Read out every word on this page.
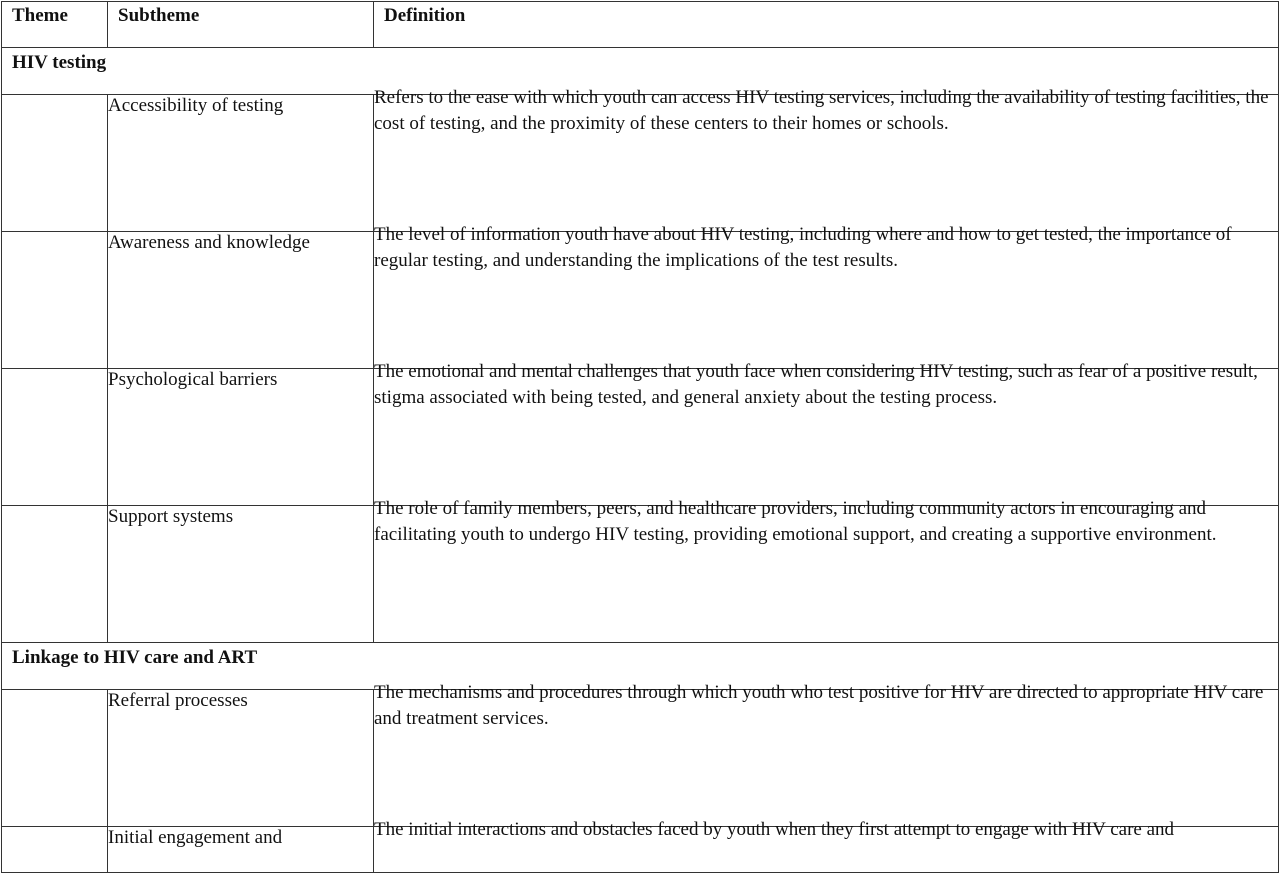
Theme	Subtheme	Definition
HIV testing		

	Accessibility of testing	Refers to the ease with which youth can access HIV testing services, including the availability of testing facilities, the cost of testing, and the proximity of these centers to their homes or schools.

	Awareness and knowledge	The level of information youth have about HIV testing, including where and how to get tested, the importance of regular testing, and understanding the implications of the test results.

	Psychological barriers	The emotional and mental challenges that youth face when considering HIV testing, such as fear of a positive result, stigma associated with being tested, and general anxiety about the testing process.

	Support systems	The role of family members, peers, and healthcare providers, including community actors in encouraging and facilitating youth to undergo HIV testing, providing emotional support, and creating a supportive environment.

Linkage to HIV care and ART		

	Referral processes	The mechanisms and procedures through which youth who test positive for HIV are directed to appropriate HIV care and treatment services.

	Initial engagement and	The initial interactions and obstacles faced by youth when they first attempt to engage with HIV care and
